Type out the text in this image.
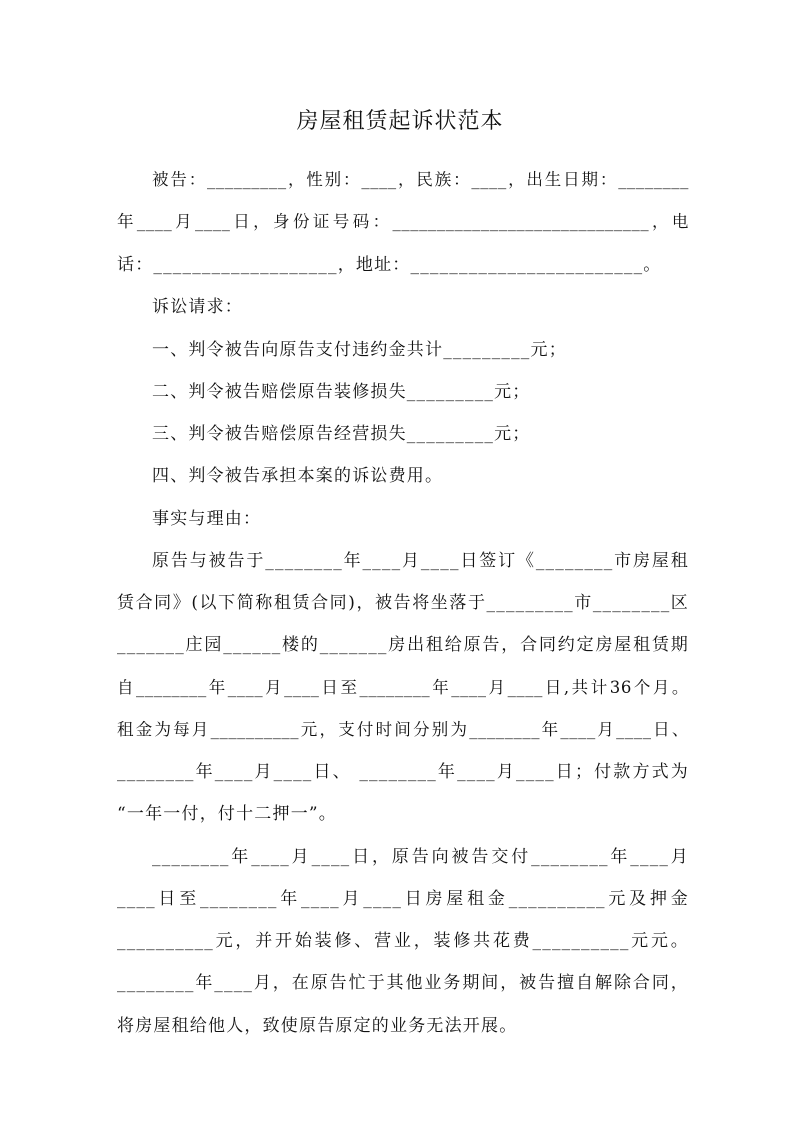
房屋租赁起诉状范本
被告：_________，性别：____，民族：____，出生日期：________
年____月____日，身份证号码：_____________________________，电
话：___________________，地址：________________________。
诉讼请求：
一、判令被告向原告支付违约金共计_________元；
二、判令被告赔偿原告装修损失_________元；
三、判令被告赔偿原告经营损失_________元；
四、判令被告承担本案的诉讼费用。
事实与理由：
原告与被告于________年____月____日签订《________市房屋租
赁合同》(以下简称租赁合同)，被告将坐落于_________市________区
_______庄园______楼的_______房出租给原告，合同约定房屋租赁期
自________年____月____日至________年____月____日,共计36个月。
租金为每月__________元，支付时间分别为________年____月____日、
________年____月____日、 ________年____月____日；付款方式为
“一年一付，付十二押一”。
________年____月____日，原告向被告交付________年____月
____日至________年____月____日房屋租金__________元及押金
__________元，并开始装修、营业，装修共花费__________元元。
________年____月，在原告忙于其他业务期间，被告擅自解除合同，
将房屋租给他人，致使原告原定的业务无法开展。
